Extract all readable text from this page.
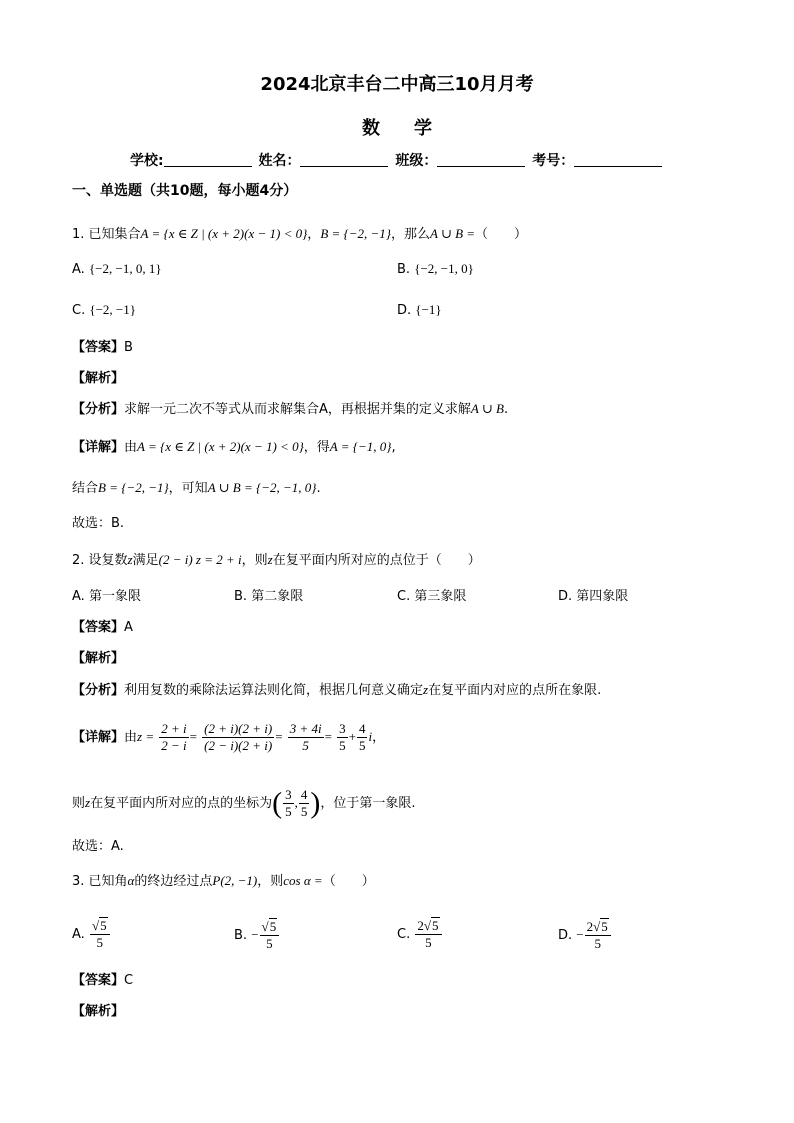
2024北京丰台二中高三10月月考
数学
学校:	姓名：	班级：	考号：
一、单选题（共10题，每小题4分）
1. 已知集合A = {x ∈ Z | (x + 2)(x − 1) < 0}，B = {−2, −1}，那么A ∪ B =（　　）
A. {−2, −1, 0, 1}	B. {−2, −1, 0}
C. {−2, −1}	D. {−1}
【答案】B
【解析】
【分析】求解一元二次不等式从而求解集合A，再根据并集的定义求解A ∪ B.
【详解】由A = {x ∈ Z | (x + 2)(x − 1) < 0}，得A = {−1, 0},
结合B = {−2, −1}，可知A ∪ B = {−2, −1, 0}.
故选：B.
2. 设复数z满足(2 − i) z = 2 + i，则z在复平面内所对应的点位于（　　）
A. 第一象限	B. 第二象限	C. 第三象限	D. 第四象限
【答案】A
【解析】
【分析】利用复数的乘除法运算法则化简，根据几何意义确定z在复平面内对应的点所在象限.
【详解】由$z = \frac{2 + i}{2 - i} = \frac{(2 + i)(2 + i)}{(2 - i)(2 + i)} = \frac{3 + 4i}{5} = \frac{3}{5} + \frac{4}{5}$ i，
则z在复平面内所对应的点的坐标为( $\frac{3}{5}$ , $\frac{4}{5}$ )，位于第一象限.
故选：A.
3. 已知角α的终边经过点P(2, −1)，则cos α =（　　）
A. $\frac{√5}{5}$	B. − $\frac{√5}{5}$	C. $\frac{2√5}{5}$	D. − $\frac{2√5}{5}$
【答案】C
【解析】
